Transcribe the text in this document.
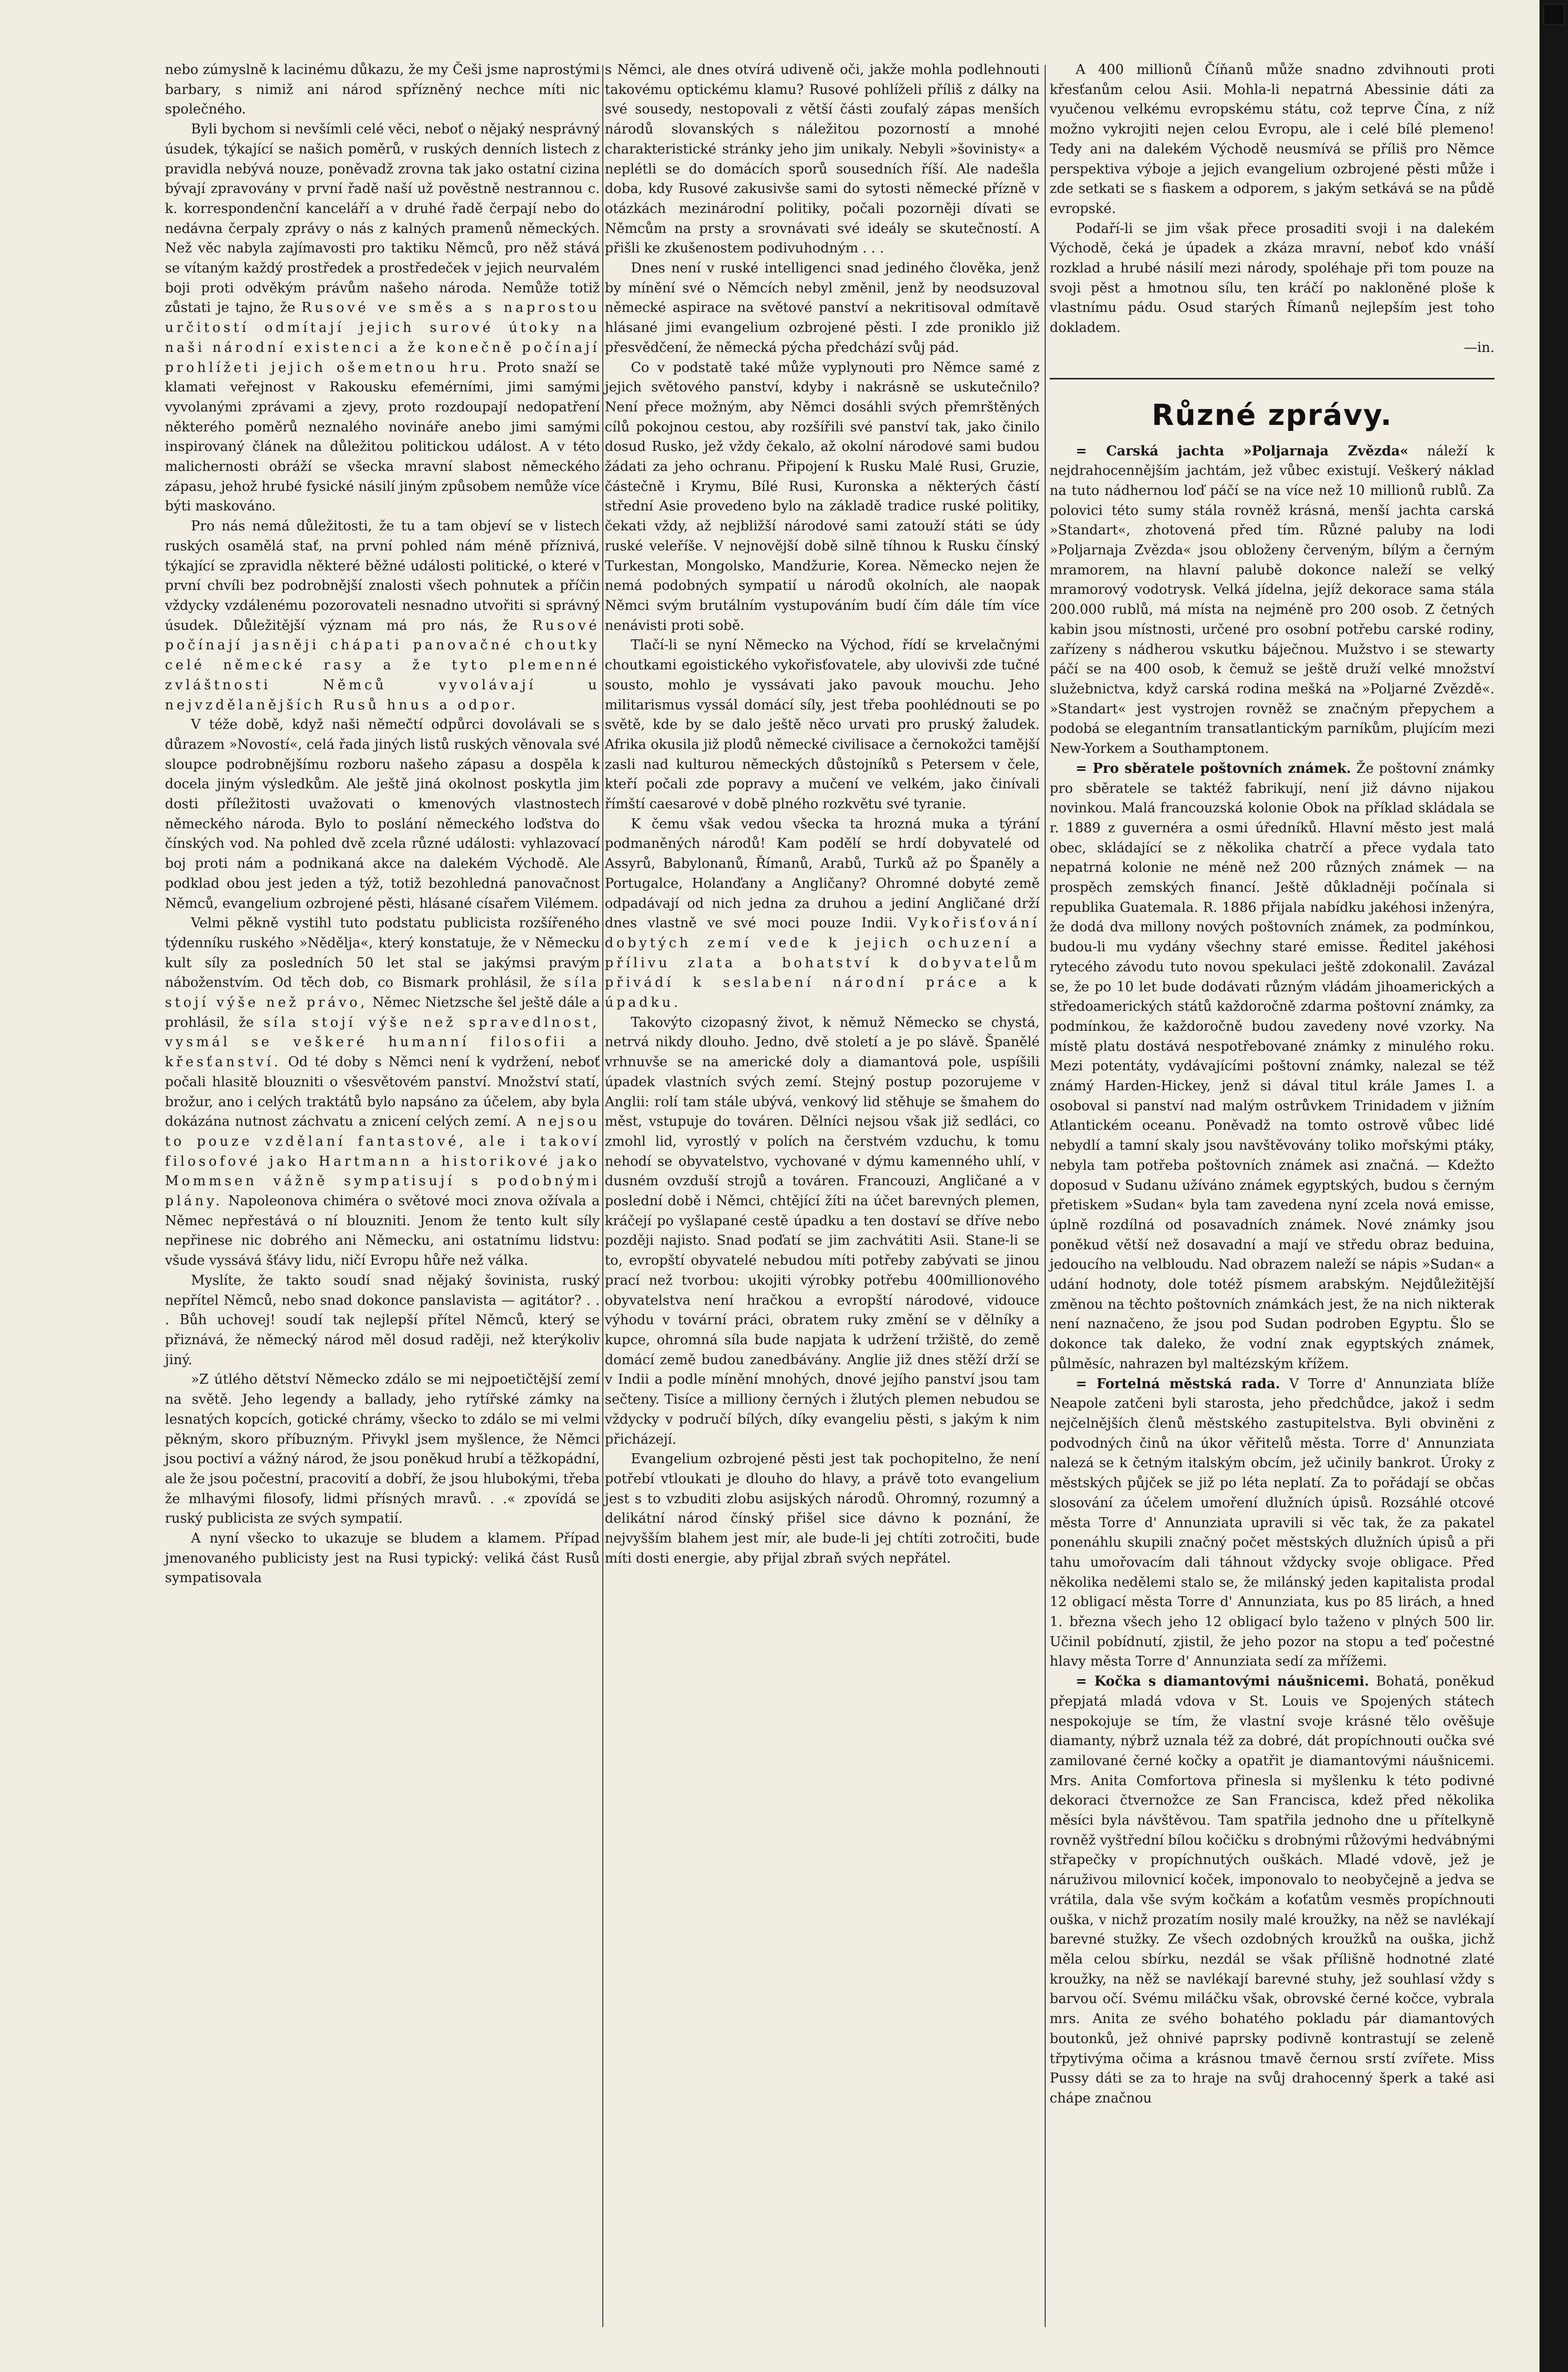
nebo zúmyslně k lacinému důkazu, že my Češi jsme naprostými barbary, s nimiž ani národ spřízněný nechce míti nic společného.

Byli bychom si nevšímli celé věci, neboť o nějaký nesprávný úsudek, týkající se našich poměrů, v ruských denních listech z pravidla nebývá nouze, poněvadž zrovna tak jako ostatní cizina bývají zpravovány v první řadě naší už pověstně nestrannou c. k. korrespondenční kanceláří a v druhé řadě čerpají nebo do nedávna čerpaly zprávy o nás z kalných pramenů německých. Než věc nabyla zajímavosti pro taktiku Němců, pro něž stává se vítaným každý prostředek a prostředeček v jejich neurvalém boji proti odvěkým právům našeho národa. Nemůže totiž zůstati je tajno, že Rusové ve směs a s naprostou určitostí odmítají jejich surové útoky na naši národní existenci a že konečně počínají prohlížeti jejich ošemetnou hru. Proto snaží se klamati veřejnost v Rakousku efemérními, jimi samými vyvolanými zprávami a zjevy, proto rozdoupají nedopatření některého poměrů neznalého novináře anebo jimi samými inspirovaný článek na důležitou politickou událost. A v této malichernosti obráží se všecka mravní slabost německého zápasu, jehož hrubé fysické násilí jiným způsobem nemůže více býti maskováno.

Pro nás nemá důležitosti, že tu a tam objeví se v listech ruských osamělá stať, na první pohled nám méně příznivá, týkající se zpravidla některé běžné události politické, o které v první chvíli bez podrobnější znalosti všech pohnutek a příčin vždycky vzdálenému pozorovateli nesnadno utvořiti si správný úsudek. Důležitější význam má pro nás, že Rusové počínají jasněji chápati panovačné choutky celé německé rasy a že tyto plemenné zvláštnosti Němců vyvolávají u nejvzdělanějších Rusů hnus a odpor.

V téže době, když naši němečtí odpůrci dovolávali se s důrazem »Novostí«, celá řada jiných listů ruských věnovala své sloupce podrobnějšímu rozboru našeho zápasu a dospěla k docela jiným výsledkům. Ale ještě jiná okolnost poskytla jim dosti příležitosti uvažovati o kmenových vlastnostech německého národa. Bylo to poslání německého loďstva do čínských vod. Na pohled dvě zcela různé události: vyhlazovací boj proti nám a podnikaná akce na dalekém Východě. Ale podklad obou jest jeden a týž, totiž bezohledná panovačnost Němců, evangelium ozbrojené pěsti, hlásané císařem Vilémem.

Velmi pěkně vystihl tuto podstatu publicista rozšířeného týdenníku ruského »Nědělja«, který konstatuje, že v Německu kult síly za posledních 50 let stal se jakýmsi pravým náboženstvím. Od těch dob, co Bismark prohlásil, že síla stojí výše než právo, Němec Nietzsche šel ještě dále a prohlásil, že síla stojí výše než spravedlnost, vysmál se veškeré humanní filosofii a křesťanství. Od té doby s Němci není k vydržení, neboť počali hlasitě blouzniti o všesvětovém panství. Množství statí, brožur, ano i celých traktátů bylo napsáno za účelem, aby byla dokázána nutnost záchvatu a znicení celých zemí. A nejsou to pouze vzdělaní fantastové, ale i takoví filosofové jako Hartmann a historikové jako Mommsen vážně sympatisují s podobnými plány. Napoleonova chiméra o světové moci znova ožívala a Němec nepřestává o ní blouzniti. Jenom že tento kult síly nepřinese nic dobrého ani Německu, ani ostatnímu lidstvu: všude vyssává šťávy lidu, ničí Evropu hůře než válka.

Myslíte, že takto soudí snad nějaký šovinista, ruský nepřítel Němců, nebo snad dokonce panslavista — agitátor? . . . Bůh uchovej! soudí tak nejlepší přítel Němců, který se přiznává, že německý národ měl dosud raději, než kterýkoliv jiný.

»Z útlého dětství Německo zdálo se mi nejpoetičtější zemí na světě. Jeho legendy a ballady, jeho rytířské zámky na lesnatých kopcích, gotické chrámy, všecko to zdálo se mi velmi pěkným, skoro příbuzným. Přivykl jsem myšlence, že Němci jsou poctiví a vážný národ, že jsou poněkud hrubí a těžkopádní, ale že jsou počestní, pracovití a dobří, že jsou hlubokými, třeba že mlhavými filosofy, lidmi přísných mravů. . .« zpovídá se ruský publicista ze svých sympatií.

A nyní všecko to ukazuje se bludem a klamem. Případ jmenovaného publicisty jest na Rusi typický: veliká část Rusů sympatisovala

s Němci, ale dnes otvírá udiveně oči, jakže mohla podlehnouti takovému optickému klamu? Rusové pohlíželi příliš z dálky na své sousedy, nestopovali z větší části zoufalý zápas menších národů slovanských s náležitou pozorností a mnohé charakteristické stránky jeho jim unikaly. Nebyli »šovinisty« a neplétli se do domácích sporů sousedních říší. Ale nadešla doba, kdy Rusové zakusivše sami do sytosti německé přízně v otázkách mezinárodní politiky, počali pozorněji dívati se Němcům na prsty a srovnávati své ideály se skutečností. A přišli ke zkušenostem podivuhodným . . .

Dnes není v ruské intelligenci snad jediného člověka, jenž by mínění své o Němcích nebyl změnil, jenž by neodsuzoval německé aspirace na světové panství a nekritisoval odmítavě hlásané jimi evangelium ozbrojené pěsti. I zde proniklo již přesvědčení, že německá pýcha předchází svůj pád.

Co v podstatě také může vyplynouti pro Němce samé z jejich světového panství, kdyby i nakrásně se uskutečnilo? Není přece možným, aby Němci dosáhli svých přemrštěných cílů pokojnou cestou, aby rozšířili své panství tak, jako činilo dosud Rusko, jež vždy čekalo, až okolní národové sami budou žádati za jeho ochranu. Připojení k Rusku Malé Rusi, Gruzie, částečně i Krymu, Bílé Rusi, Kuronska a některých částí střední Asie provedeno bylo na základě tradice ruské politiky, čekati vždy, až nejbližší národové sami zatouží státi se údy ruské veleříše. V nejnovější době silně tíhnou k Rusku čínský Turkestan, Mongolsko, Mandžurie, Korea. Německo nejen že nemá podobných sympatií u národů okolních, ale naopak Němci svým brutálním vystupováním budí čím dále tím více nenávisti proti sobě.

Tlačí-li se nyní Německo na Východ, řídí se krvelačnými choutkami egoistického vykořisťovatele, aby ulovivši zde tučné sousto, mohlo je vyssávati jako pavouk mouchu. Jeho militarismus vyssál domácí síly, jest třeba poohlédnouti se po světě, kde by se dalo ještě něco urvati pro pruský žaludek. Afrika okusila již plodů německé civilisace a černokožci tamější zasli nad kulturou německých důstojníků s Petersem v čele, kteří počali zde popravy a mučení ve velkém, jako činívali římští caesarové v době plného rozkvětu své tyranie.

K čemu však vedou všecka ta hrozná muka a týrání podmaněných národů! Kam podělí se hrdí dobyvatelé od Assyrů, Babylonanů, Římanů, Arabů, Turků až po Španěly a Portugalce, Holanďany a Angličany? Ohromné dobyté země odpadávají od nich jedna za druhou a jediní Angličané drží dnes vlastně ve své moci pouze Indii. Vykořisťování dobytých zemí vede k jejich ochuzení a přílivu zlata a bohatství k dobyvatelům přivádí k seslabení národní práce a k úpadku.

Takovýto cizopasný život, k němuž Německo se chystá, netrvá nikdy dlouho. Jedno, dvě století a je po slávě. Španělé vrhnuvše se na americké doly a diamantová pole, uspíšili úpadek vlastních svých zemí. Stejný postup pozorujeme v Anglii: rolí tam stále ubývá, venkový lid stěhuje se šmahem do měst, vstupuje do továren. Dělníci nejsou však již sedláci, co zmohl lid, vyrostlý v polích na čerstvém vzduchu, k tomu nehodí se obyvatelstvo, vychované v dýmu kamenného uhlí, v dusném ovzduší strojů a továren. Francouzi, Angličané a v poslední době i Němci, chtějící žíti na účet barevných plemen, kráčejí po vyšlapané cestě úpadku a ten dostaví se dříve nebo později najisto. Snad poďatí se jim zachvátiti Asii. Stane-li se to, evropští obyvatelé nebudou míti potřeby zabývati se jinou prací než tvorbou: ukojiti výrobky potřebu 400millionového obyvatelstva není hračkou a evropští národové, vidouce výhodu v tovární práci, obratem ruky změní se v dělníky a kupce, ohromná síla bude napjata k udržení tržiště, do země domácí země budou zanedbávány. Anglie již dnes stěží drží se v Indii a podle mínění mnohých, dnové jejího panství jsou tam sečteny. Tisíce a milliony černých i žlutých plemen nebudou se vždycky v područí bílých, díky evangeliu pěsti, s jakým k nim přicházejí.

Evangelium ozbrojené pěsti jest tak pochopitelno, že není potřebí vtloukati je dlouho do hlavy, a právě toto evangelium jest s to vzbuditi zlobu asijských národů. Ohromný, rozumný a delikátní národ čínský přišel sice dávno k poznání, že nejvyšším blahem jest mír, ale bude-li jej chtíti zotročiti, bude míti dosti energie, aby přijal zbraň svých nepřátel.

A 400 millionů Číňanů může snadno zdvihnouti proti křesťanům celou Asii. Mohla-li nepatrná Abessinie dáti za vyučenou velkému evropskému státu, což teprve Čína, z níž možno vykrojiti nejen celou Evropu, ale i celé bílé plemeno! Tedy ani na dalekém Východě neusmívá se příliš pro Němce perspektiva výboje a jejich evangelium ozbrojené pěsti může i zde setkati se s fiaskem a odporem, s jakým setkává se na půdě evropské.

Podaří-li se jim však přece prosaditi svoji i na dalekém Východě, čeká je úpadek a zkáza mravní, neboť kdo vnáší rozklad a hrubé násilí mezi národy, spoléhaje při tom pouze na svoji pěst a hmotnou sílu, ten kráčí po nakloněné ploše k vlastnímu pádu. Osud starých Římanů nejlepším jest toho dokladem.
—in.

Různé zprávy.

= Carská jachta »Poljarnaja Zvězda« náleží k nejdrahocennějším jachtám, jež vůbec existují. Veškerý náklad na tuto nádhernou loď páčí se na více než 10 millionů rublů. Za polovici této sumy stála rovněž krásná, menší jachta carská »Standart«, zhotovená před tím. Různé paluby na lodi »Poljarnaja Zvězda« jsou obloženy červeným, bílým a černým mramorem, na hlavní palubě dokonce naleží se velký mramorový vodotrysk. Velká jídelna, jejíž dekorace sama stála 200.000 rublů, má místa na nejméně pro 200 osob. Z četných kabin jsou místnosti, určené pro osobní potřebu carské rodiny, zařízeny s nádherou vskutku báječnou. Mužstvo i se stewarty páčí se na 400 osob, k čemuž se ještě druží velké množství služebnictva, když carská rodina mešká na »Poljarné Zvězdě«. »Standart« jest vystrojen rovněž se značným přepychem a podobá se elegantním transatlantickým parníkům, plujícím mezi New-Yorkem a Southamptonem.

= Pro sběratele poštovních známek. Že poštovní známky pro sběratele se taktéž fabrikují, není již dávno nijakou novinkou. Malá francouzská kolonie Obok na příklad skládala se r. 1889 z guvernéra a osmi úředníků. Hlavní město jest malá obec, skládající se z několika chatrčí a přece vydala tato nepatrná kolonie ne méně než 200 různých známek — na prospěch zemských financí. Ještě důkladněji počínala si republika Guatemala. R. 1886 přijala nabídku jakéhosi inženýra, že dodá dva millony nových poštovních známek, za podmínkou, budou-li mu vydány všechny staré emisse. Ředitel jakéhosi rytecého závodu tuto novou spekulaci ještě zdokonalil. Zavázal se, že po 10 let bude dodávati různým vládám jihoamerických a středoamerických států každoročně zdarma poštovní známky, za podmínkou, že každoročně budou zavedeny nové vzorky. Na místě platu dostává nespotřebované známky z minulého roku. Mezi potentáty, vydávajícími poštovní známky, nalezal se též známý Harden-Hickey, jenž si dával titul krále James I. a osoboval si panství nad malým ostrůvkem Trinidadem v jižním Atlantickém oceanu. Poněvadž na tomto ostrově vůbec lidé nebydlí a tamní skaly jsou navštěvovány toliko mořskými ptáky, nebyla tam potřeba poštovních známek asi značná. — Kdežto doposud v Sudanu užíváno známek egyptských, budou s černým přetiskem »Sudan« byla tam zavedena nyní zcela nová emisse, úplně rozdílná od posavadních známek. Nové známky jsou poněkud větší než dosavadní a mají ve středu obraz beduina, jedoucího na velbloudu. Nad obrazem naleží se nápis »Sudan« a udání hodnoty, dole totéž písmem arabským. Nejdůležitější změnou na těchto poštovních známkách jest, že na nich nikterak není naznačeno, že jsou pod Sudan podroben Egyptu. Šlo se dokonce tak daleko, že vodní znak egyptských známek, půlměsíc, nahrazen byl maltézským křížem.

= Fortelná městská rada. V Torre d' Annunziata blíže Neapole zatčeni byli starosta, jeho předchůdce, jakož i sedm nejčelnějších členů městského zastupitelstva. Byli obviněni z podvodných činů na úkor věřitelů města. Torre d' Annunziata nalezá se k četným italským obcím, jež učinily bankrot. Úroky z městských půjček se již po léta neplatí. Za to pořádají se občas slosování za účelem umoření dlužních úpisů. Rozsáhlé otcové města Torre d' Annunziata upravili si věc tak, že za pakatel ponenáhlu skupili značný počet městských dlužních úpisů a při tahu umořovacím dali táhnout vždycky svoje obligace. Před několika nedělemi stalo se, že milánský jeden kapitalista prodal 12 obligací města Torre d' Annunziata, kus po 85 lirách, a hned 1. března všech jeho 12 obligací bylo taženo v plných 500 lir. Učinil pobídnutí, zjistil, že jeho pozor na stopu a teď počestné hlavy města Torre d' Annunziata sedí za mřížemi.

= Kočka s diamantovými náušnicemi. Bohatá, poněkud přepjatá mladá vdova v St. Louis ve Spojených státech nespokojuje se tím, že vlastní svoje krásné tělo ověšuje diamanty, nýbrž uznala též za dobré, dát propíchnouti oučka své zamilované černé kočky a opatřit je diamantovými náušnicemi. Mrs. Anita Comfortova přinesla si myšlenku k této podivné dekoraci čtvernožce ze San Francisca, kdež před několika měsíci byla návštěvou. Tam spatřila jednoho dne u přítelkyně rovněž vyštřední bílou kočičku s drobnými růžovými hedvábnými střapečky v propíchnutých ouškách. Mladé vdově, jež je náruživou milovnicí koček, imponovalo to neobyčejně a jedva se vrátila, dala vše svým kočkám a koťatům vesměs propíchnouti ouška, v nichž prozatím nosily malé kroužky, na něž se navlékají barevné stužky. Ze všech ozdobných kroužků na ouška, jichž měla celou sbírku, nezdál se však přílišně hodnotné zlaté kroužky, na něž se navlékají barevné stuhy, jež souhlasí vždy s barvou očí. Svému miláčku však, obrovské černé kočce, vybrala mrs. Anita ze svého bohatého pokladu pár diamantových boutonků, jež ohnivé paprsky podivně kontrastují se zeleně třpytivýma očima a krásnou tmavě černou srstí zvířete. Miss Pussy dáti se za to hraje na svůj drahocenný šperk a také asi chápe značnou
